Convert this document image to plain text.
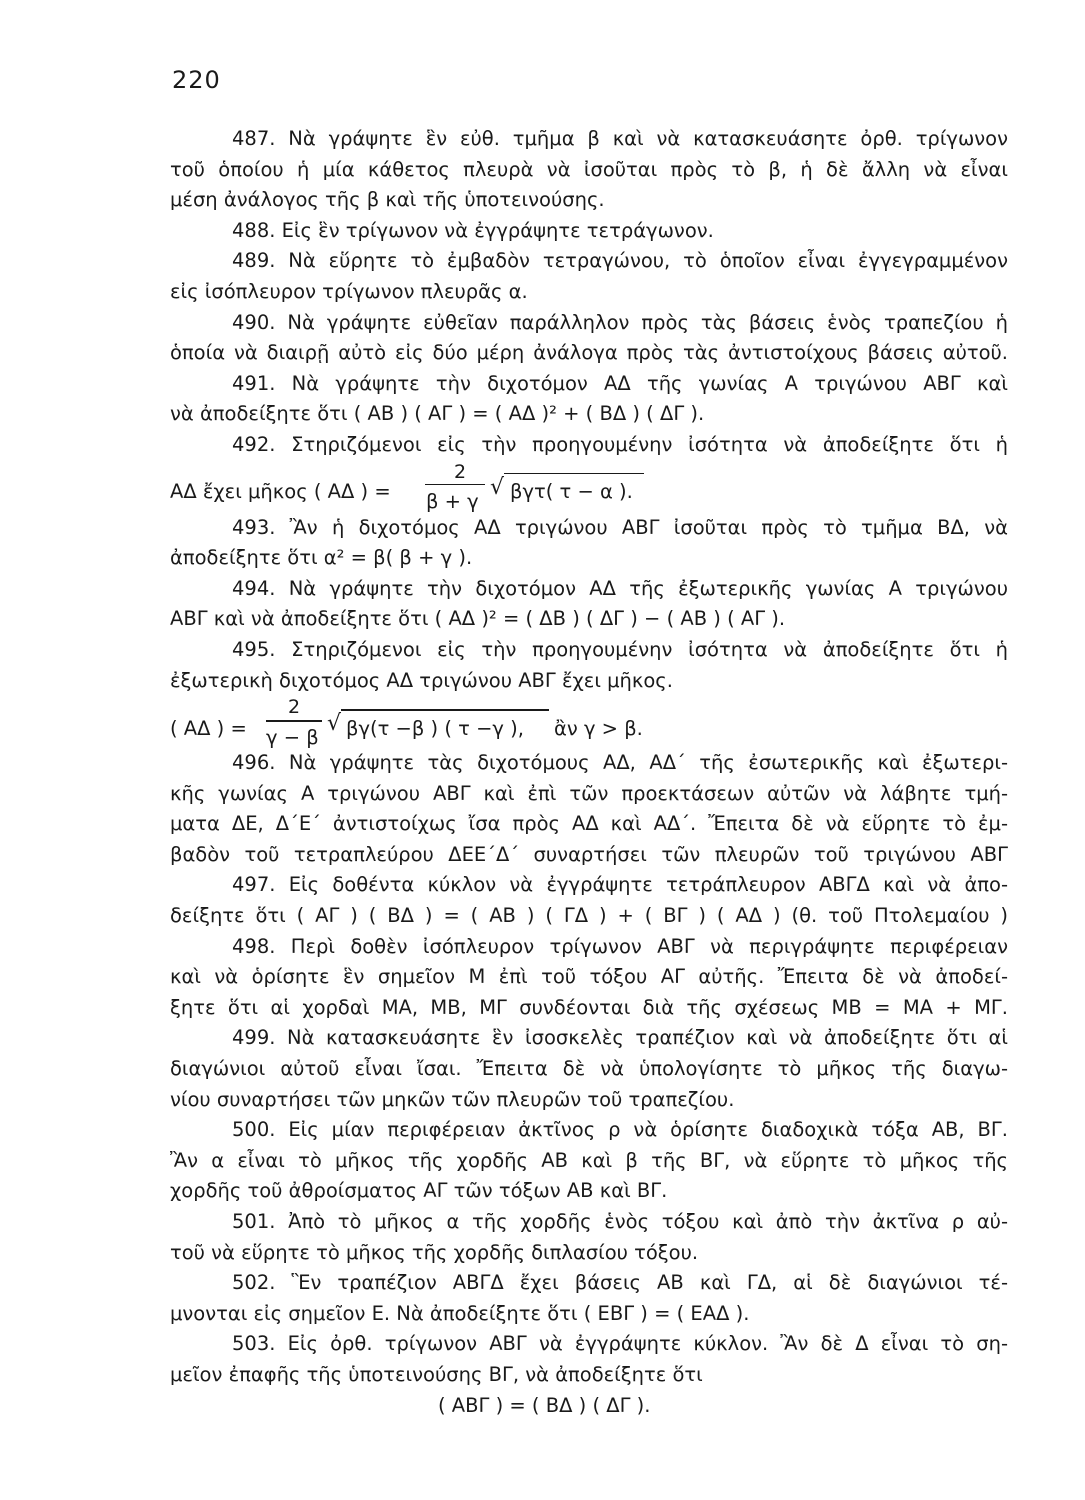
220
487. Νὰ γράψητε ἓν εὐθ. τμῆμα β καὶ νὰ κατασκευάσητε ὀρθ. τρίγωνον
τοῦ ὁποίου ἡ μία κάθετος πλευρὰ νὰ ἰσοῦται πρὸς τὸ β, ἡ δὲ ἄλλη νὰ εἶναι
μέση ἀνάλογος τῆς β καὶ τῆς ὑποτεινούσης.
488. Εἰς ἓν τρίγωνον νὰ ἐγγράψητε τετράγωνον.
489. Νὰ εὕρητε τὸ ἐμβαδὸν τετραγώνου, τὸ ὁποῖον εἶναι ἐγγεγραμμένον
εἰς ἰσόπλευρον τρίγωνον πλευρᾶς α.
490. Νὰ γράψητε εὐθεῖαν παράλληλον πρὸς τὰς βάσεις ἑνὸς τραπεζίου ἡ
ὁποία νὰ διαιρῇ αὐτὸ εἰς δύο μέρη ἀνάλογα πρὸς τὰς ἀντιστοίχους βάσεις αὐτοῦ.
491. Νὰ γράψητε τὴν διχοτόμον ΑΔ τῆς γωνίας Α τριγώνου ΑΒΓ καὶ
νὰ ἀποδείξητε ὅτι ( ΑΒ ) ( ΑΓ ) = ( ΑΔ )² + ( ΒΔ ) ( ΔΓ ).
492. Στηριζόμενοι εἰς τὴν προηγουμένην ἰσότητα νὰ ἀποδείξητε ὅτι ἡ
ΑΔ ἔχει μῆκος ( ΑΔ ) =
2
β + γ
√ βγτ( τ − α ).
493. Ἂν ἡ διχοτόμος ΑΔ τριγώνου ΑΒΓ ἰσοῦται πρὸς τὸ τμῆμα ΒΔ, νὰ
ἀποδείξητε ὅτι α² = β( β + γ ).
494. Νὰ γράψητε τὴν διχοτόμον ΑΔ τῆς ἐξωτερικῆς γωνίας Α τριγώνου
ΑΒΓ καὶ νὰ ἀποδείξητε ὅτι ( ΑΔ )² = ( ΔΒ ) ( ΔΓ ) − ( ΑΒ ) ( ΑΓ ).
495. Στηριζόμενοι εἰς τὴν προηγουμένην ἰσότητα νὰ ἀποδείξητε ὅτι ἡ
ἐξωτερικὴ διχοτόμος ΑΔ τριγώνου ΑΒΓ ἔχει μῆκος.
( ΑΔ ) =
2
γ − β
√ βγ(τ −β ) ( τ −γ ), ἂν γ > β.
496. Νὰ γράψητε τὰς διχοτόμους ΑΔ, ΑΔ΄ τῆς ἐσωτερικῆς καὶ ἐξωτερι-
κῆς γωνίας Α τριγώνου ΑΒΓ καὶ ἐπὶ τῶν προεκτάσεων αὐτῶν νὰ λάβητε τμή-
ματα ΔΕ, Δ΄Ε΄ ἀντιστοίχως ἴσα πρὸς ΑΔ καὶ ΑΔ΄. Ἔπειτα δὲ νὰ εὕρητε τὸ ἐμ-
βαδὸν τοῦ τετραπλεύρου ΔΕΕ΄Δ΄ συναρτήσει τῶν πλευρῶν τοῦ τριγώνου ΑΒΓ
497. Εἰς δοθέντα κύκλον νὰ ἐγγράψητε τετράπλευρον ΑΒΓΔ καὶ νὰ ἀπο-
δείξητε ὅτι ( ΑΓ ) ( ΒΔ ) = ( ΑΒ ) ( ΓΔ ) + ( ΒΓ ) ( ΑΔ ) (θ. τοῦ Πτολεμαίου )
498. Περὶ δοθὲν ἰσόπλευρον τρίγωνον ΑΒΓ νὰ περιγράψητε περιφέρειαν
καὶ νὰ ὁρίσητε ἓν σημεῖον Μ ἐπὶ τοῦ τόξου ΑΓ αὐτῆς. Ἔπειτα δὲ νὰ ἀποδεί-
ξητε ὅτι αἱ χορδαὶ ΜΑ, ΜΒ, ΜΓ συνδέονται διὰ τῆς σχέσεως ΜΒ = ΜΑ + ΜΓ.
499. Νὰ κατασκευάσητε ἓν ἰσοσκελὲς τραπέζιον καὶ νὰ ἀποδείξητε ὅτι αἱ
διαγώνιοι αὐτοῦ εἶναι ἴσαι. Ἔπειτα δὲ νὰ ὑπολογίσητε τὸ μῆκος τῆς διαγω-
νίου συναρτήσει τῶν μηκῶν τῶν πλευρῶν τοῦ τραπεζίου.
500. Εἰς μίαν περιφέρειαν ἀκτῖνος ρ νὰ ὁρίσητε διαδοχικὰ τόξα ΑΒ, ΒΓ.
Ἂν α εἶναι τὸ μῆκος τῆς χορδῆς ΑΒ καὶ β τῆς ΒΓ, νὰ εὕρητε τὸ μῆκος τῆς
χορδῆς τοῦ ἀθροίσματος ΑΓ τῶν τόξων ΑΒ καὶ ΒΓ.
501. Ἀπὸ τὸ μῆκος α τῆς χορδῆς ἑνὸς τόξου καὶ ἀπὸ τὴν ἀκτῖνα ρ αὐ-
τοῦ νὰ εὕρητε τὸ μῆκος τῆς χορδῆς διπλασίου τόξου.
502. Ἓν τραπέζιον ΑΒΓΔ ἔχει βάσεις ΑΒ καὶ ΓΔ, αἱ δὲ διαγώνιοι τέ-
μνονται εἰς σημεῖον Ε. Νὰ ἀποδείξητε ὅτι ( ΕΒΓ ) = ( ΕΑΔ ).
503. Εἰς ὀρθ. τρίγωνον ΑΒΓ νὰ ἐγγράψητε κύκλον. Ἂν δὲ Δ εἶναι τὸ ση-
μεῖον ἐπαφῆς τῆς ὑποτεινούσης ΒΓ, νὰ ἀποδείξητε ὅτι
( ΑΒΓ ) = ( ΒΔ ) ( ΔΓ ).
